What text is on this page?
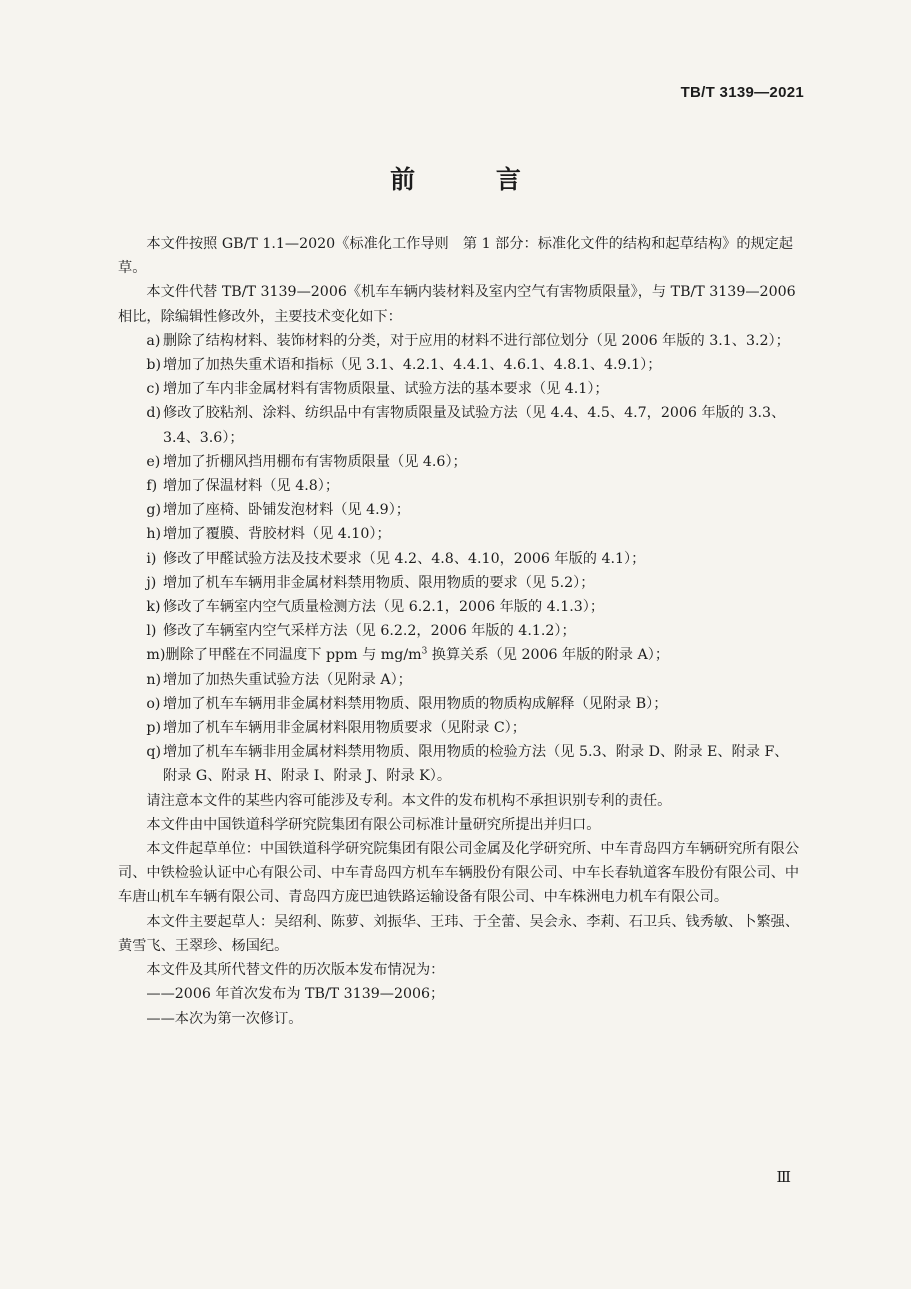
TB/T 3139—2021
前 言

本文件按照 GB/T 1.1—2020《标准化工作导则　第 1 部分：标准化文件的结构和起草结构》的规定起草。

本文件代替 TB/T 3139—2006《机车车辆内装材料及室内空气有害物质限量》，与 TB/T 3139—2006 相比，除编辑性修改外，主要技术变化如下：

a) 删除了结构材料、装饰材料的分类，对于应用的材料不进行部位划分（见 2006 年版的 3.1、3.2）；
b) 增加了加热失重术语和指标（见 3.1、4.2.1、4.4.1、4.6.1、4.8.1、4.9.1）；
c) 增加了车内非金属材料有害物质限量、试验方法的基本要求（见 4.1）；
d) 修改了胶粘剂、涂料、纺织品中有害物质限量及试验方法（见 4.4、4.5、4.7，2006 年版的 3.3、3.4、3.6）；
e) 增加了折棚风挡用棚布有害物质限量（见 4.6）；
f) 增加了保温材料（见 4.8）；
g) 增加了座椅、卧铺发泡材料（见 4.9）；
h) 增加了覆膜、背胶材料（见 4.10）；
i) 修改了甲醛试验方法及技术要求（见 4.2、4.8、4.10，2006 年版的 4.1）；
j) 增加了机车车辆用非金属材料禁用物质、限用物质的要求（见 5.2）；
k) 修改了车辆室内空气质量检测方法（见 6.2.1，2006 年版的 4.1.3）；
l) 修改了车辆室内空气采样方法（见 6.2.2，2006 年版的 4.1.2）；
m) 删除了甲醛在不同温度下 ppm 与 $mg/m^3$ 换算关系（见 2006 年版的附录 A）；
n) 增加了加热失重试验方法（见附录 A）；
o) 增加了机车车辆用非金属材料禁用物质、限用物质的物质构成解释（见附录 B）；
p) 增加了机车车辆用非金属材料限用物质要求（见附录 C）；
q) 增加了机车车辆非用金属材料禁用物质、限用物质的检验方法（见 5.3、附录 D、附录 E、附录 F、附录 G、附录 H、附录 I、附录 J、附录 K）。

请注意本文件的某些内容可能涉及专利。本文件的发布机构不承担识别专利的责任。

本文件由中国铁道科学研究院集团有限公司标准计量研究所提出并归口。

本文件起草单位：中国铁道科学研究院集团有限公司金属及化学研究所、中车青岛四方车辆研究所有限公司、中铁检验认证中心有限公司、中车青岛四方机车车辆股份有限公司、中车长春轨道客车股份有限公司、中车唐山机车车辆有限公司、青岛四方庞巴迪铁路运输设备有限公司、中车株洲电力机车有限公司。

本文件主要起草人：吴绍利、陈萝、刘振华、王玮、于全蕾、吴会永、李莉、石卫兵、钱秀敏、卜繁强、黄雪飞、王翠珍、杨国纪。

本文件及其所代替文件的历次版本发布情况为：

——2006 年首次发布为 TB/T 3139—2006；

——本次为第一次修订。

Ⅲ
